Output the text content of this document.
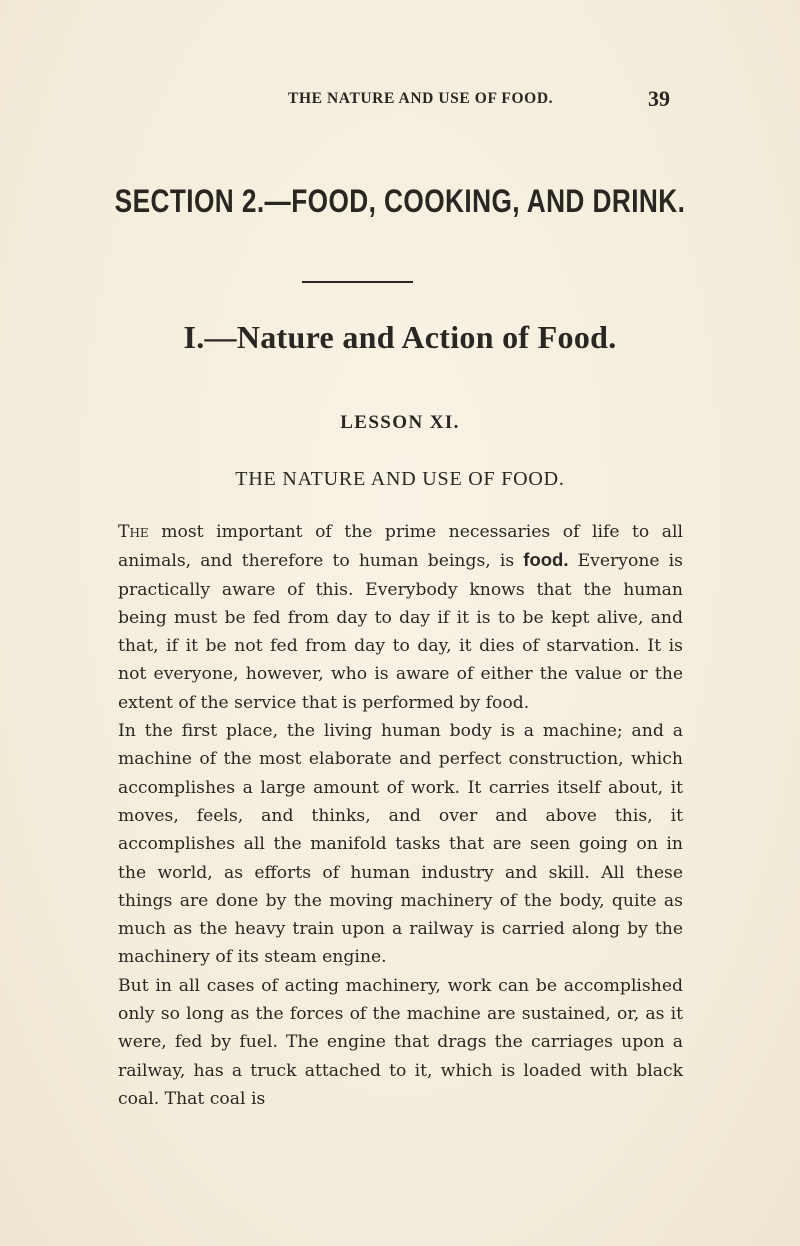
THE NATURE AND USE OF FOOD.	39
SECTION 2.—FOOD, COOKING, AND DRINK.
I.—Nature and Action of Food.
LESSON XI.
THE NATURE AND USE OF FOOD.

The most important of the prime necessaries of life to all animals, and therefore to human beings, is food. Everyone is practically aware of this. Everybody knows that the human being must be fed from day to day if it is to be kept alive, and that, if it be not fed from day to day, it dies of starvation. It is not everyone, however, who is aware of either the value or the extent of the service that is performed by food.

In the first place, the living human body is a machine; and a machine of the most elaborate and perfect construction, which accomplishes a large amount of work. It carries itself about, it moves, feels, and thinks, and over and above this, it accomplishes all the manifold tasks that are seen going on in the world, as efforts of human industry and skill. All these things are done by the moving machinery of the body, quite as much as the heavy train upon a railway is carried along by the machinery of its steam engine.

But in all cases of acting machinery, work can be accomplished only so long as the forces of the machine are sustained, or, as it were, fed by fuel. The engine that drags the carriages upon a railway, has a truck attached to it, which is loaded with black coal. That coal is
